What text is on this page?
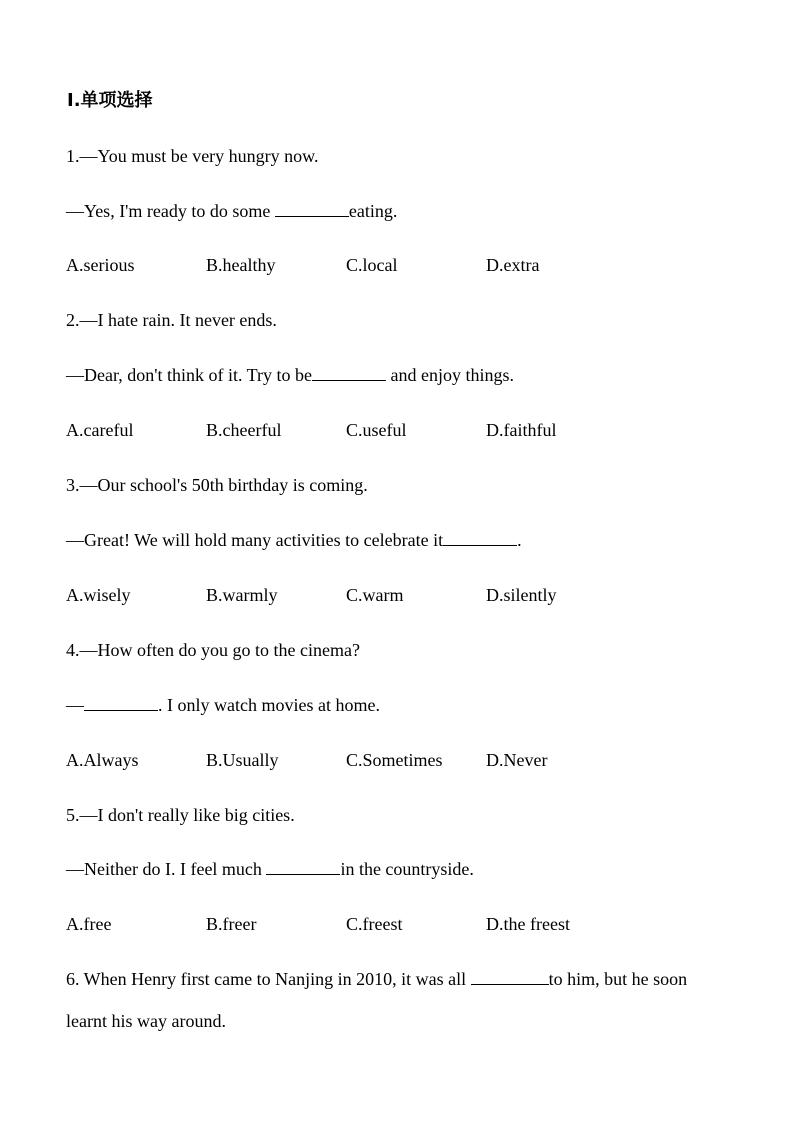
Ⅰ.单项选择
1.—You must be very hungry now.
—Yes, I'm ready to do some	eating.
A.serious	B.healthy	C.local	D.extra
2.—I hate rain. It never ends.
—Dear, don't think of it. Try to be	and enjoy things.
A.careful	B.cheerful	C.useful	D.faithful
3.—Our school's 50th birthday is coming.
—Great! We will hold many activities to celebrate it	.
A.wisely	B.warmly	C.warm	D.silently
4.—How often do you go to the cinema?
—	. I only watch movies at home.
A.Always	B.Usually	C.Sometimes D.Never
5.—I don't really like big cities.
—Neither do I. I feel much	in the countryside.
A.free	B.freer	C.freest	D.the freest
6. When Henry first came to Nanjing in 2010, it was all	to him, but he soon
learnt his way around.
